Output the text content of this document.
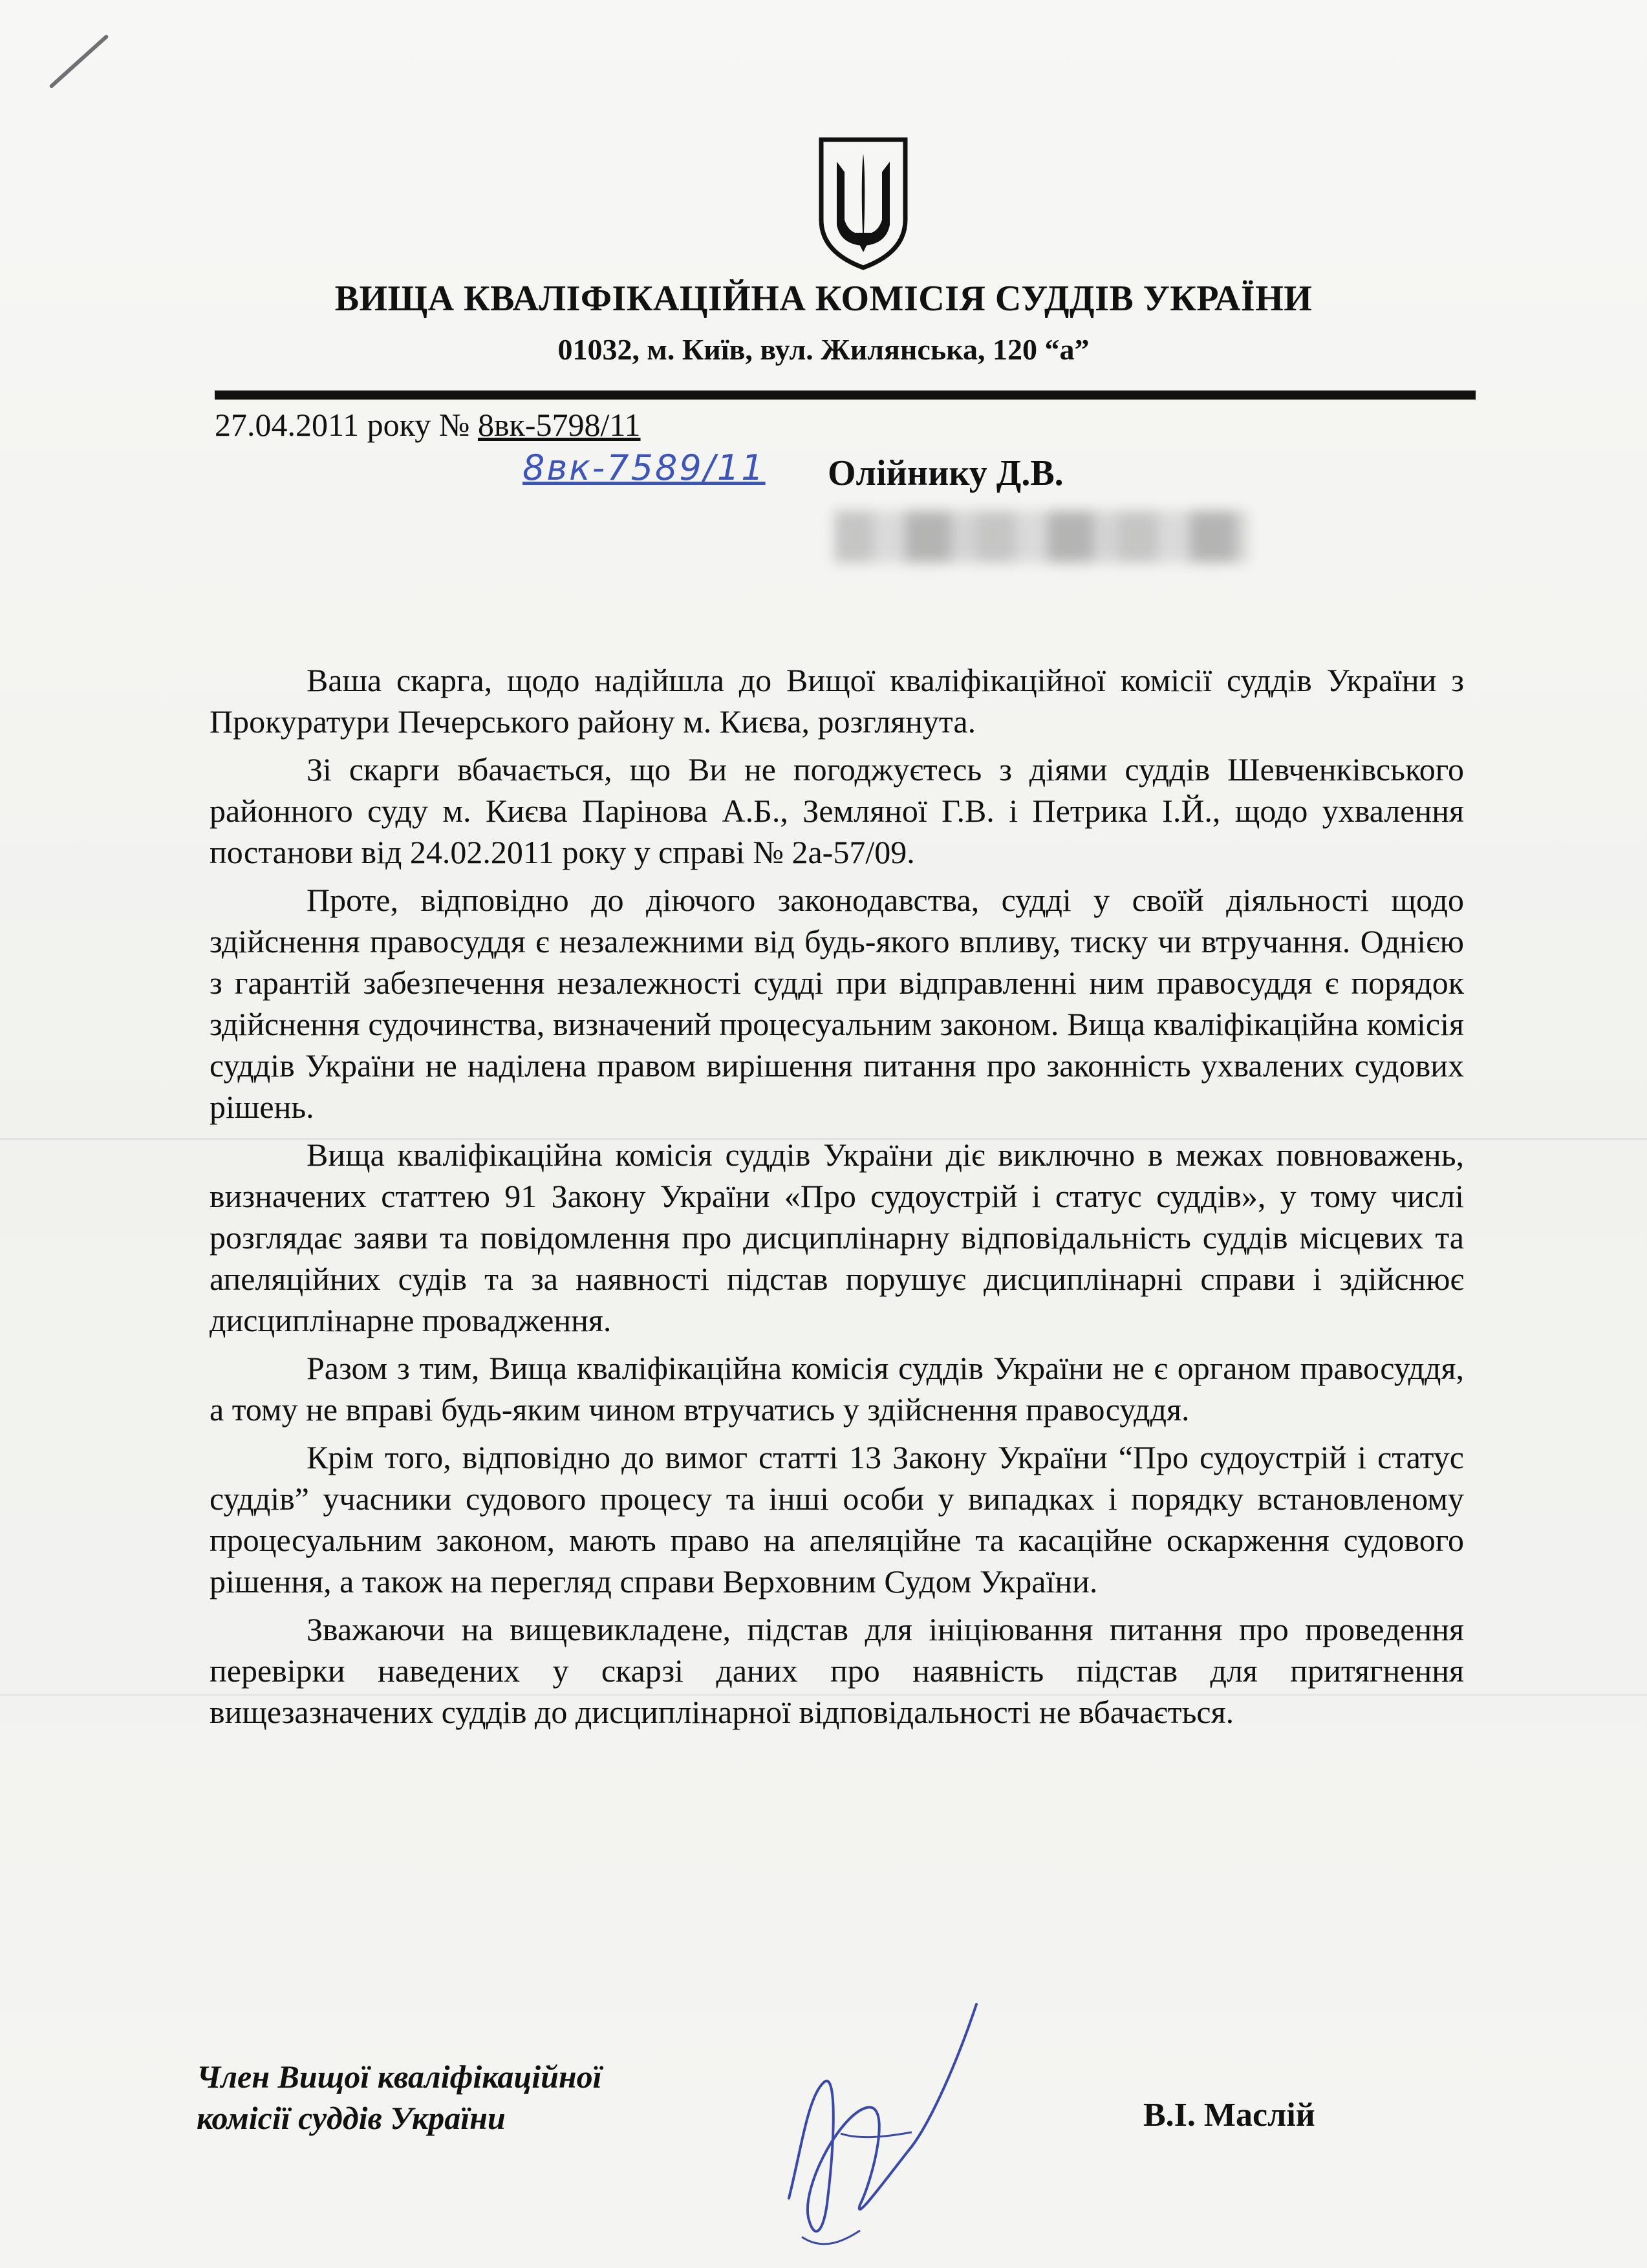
ВИЩА КВАЛІФІКАЦІЙНА КОМІСІЯ СУДДІВ УКРАЇНИ
01032, м. Київ, вул. Жилянська, 120 “а”
27.04.2011 року № 8вк-5798/11
8вк-7589/11 Олійнику Д.В.

Ваша скарга, щодо надійшла до Вищої кваліфікаційної комісії суддів України з Прокуратури Печерського району м. Києва, розглянута.

Зі скарги вбачається, що Ви не погоджуєтесь з діями суддів Шевченківського районного суду м. Києва Парінова А.Б., Земляної Г.В. і Петрика І.Й., щодо ухвалення постанови від 24.02.2011 року у справі № 2а-57/09.

Проте, відповідно до діючого законодавства, судді у своїй діяльності щодо здійснення правосуддя є незалежними від будь-якого впливу, тиску чи втручання. Однією з гарантій забезпечення незалежності судді при відправленні ним правосуддя є порядок здійснення судочинства, визначений процесуальним законом. Вища кваліфікаційна комісія суддів України не наділена правом вирішення питання про законність ухвалених судових рішень.

Вища кваліфікаційна комісія суддів України діє виключно в межах повноважень, визначених статтею 91 Закону України «Про судоустрій і статус суддів», у тому числі розглядає заяви та повідомлення про дисциплінарну відповідальність суддів місцевих та апеляційних судів та за наявності підстав порушує дисциплінарні справи і здійснює дисциплінарне провадження.

Разом з тим, Вища кваліфікаційна комісія суддів України не є органом правосуддя, а тому не вправі будь-яким чином втручатись у здійснення правосуддя.

Крім того, відповідно до вимог статті 13 Закону України “Про судоустрій і статус суддів” учасники судового процесу та інші особи у випадках і порядку встановленому процесуальним законом, мають право на апеляційне та касаційне оскарження судового рішення, а також на перегляд справи Верховним Судом України.

Зважаючи на вищевикладене, підстав для ініціювання питання про проведення перевірки наведених у скарзі даних про наявність підстав для притягнення вищезазначених суддів до дисциплінарної відповідальності не вбачається.

Член Вищої кваліфікаційної
комісії суддів України	В.І. Маслій
